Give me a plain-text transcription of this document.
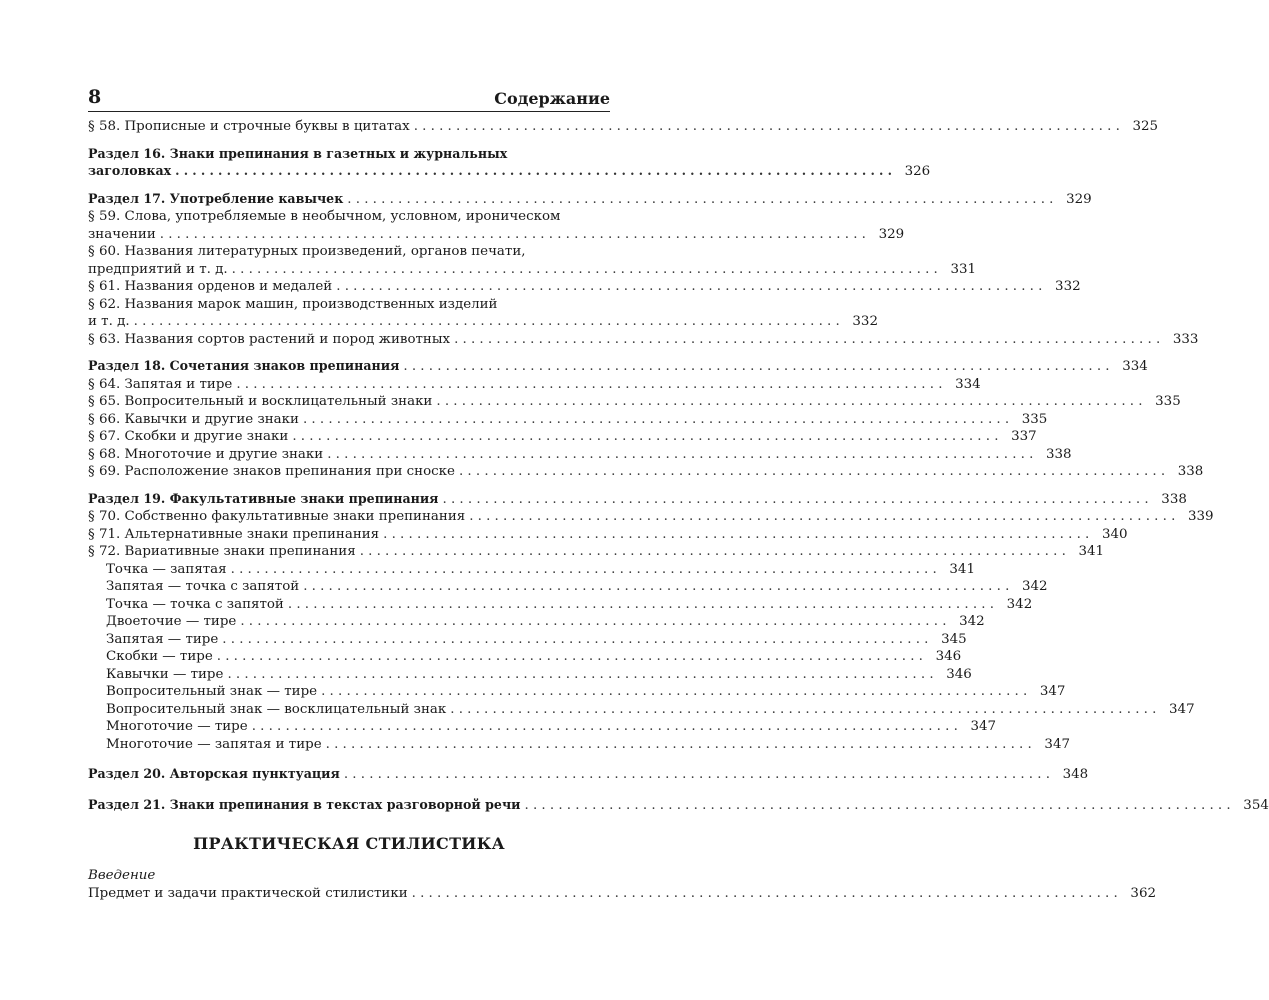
8	Содержание
§ 58. Прописные и строчные буквы в цитатах .................................................................................... 325
Раздел 16. Знаки препинания в газетных и журнальных
заголовках .................................................................................... 326
Раздел 17. Употребление кавычек .................................................................................... 329
§ 59. Слова, употребляемые в необычном, условном, ироническом
значении .................................................................................... 329
§ 60. Названия литературных произведений, органов печати,
предприятий и т. д. .................................................................................... 331
§ 61. Названия орденов и медалей .................................................................................... 332
§ 62. Названия марок машин, производственных изделий
и т. д. .................................................................................... 332
§ 63. Названия сортов растений и пород животных .................................................................................... 333
Раздел 18. Сочетания знаков препинания .................................................................................... 334
§ 64. Запятая и тире .................................................................................... 334
§ 65. Вопросительный и восклицательный знаки .................................................................................... 335
§ 66. Кавычки и другие знаки .................................................................................... 335
§ 67. Скобки и другие знаки .................................................................................... 337
§ 68. Многоточие и другие знаки .................................................................................... 338
§ 69. Расположение знаков препинания при сноске .................................................................................... 338
Раздел 19. Факультативные знаки препинания .................................................................................... 338
§ 70. Собственно факультативные знаки препинания .................................................................................... 339
§ 71. Альтернативные знаки препинания .................................................................................... 340
§ 72. Вариативные знаки препинания .................................................................................... 341
Точка — запятая .................................................................................... 341
Запятая — точка с запятой .................................................................................... 342
Точка — точка с запятой .................................................................................... 342
Двоеточие — тире .................................................................................... 342
Запятая — тире .................................................................................... 345
Скобки — тире .................................................................................... 346
Кавычки — тире .................................................................................... 346
Вопросительный знак — тире .................................................................................... 347
Вопросительный знак — восклицательный знак .................................................................................... 347
Многоточие — тире .................................................................................... 347
Многоточие — запятая и тире .................................................................................... 347
Раздел 20. Авторская пунктуация .................................................................................... 348
Раздел 21. Знаки препинания в текстах разговорной речи .................................................................................... 354
ПРАКТИЧЕСКАЯ СТИЛИСТИКА
Введение
Предмет и задачи практической стилистики .................................................................................... 362
